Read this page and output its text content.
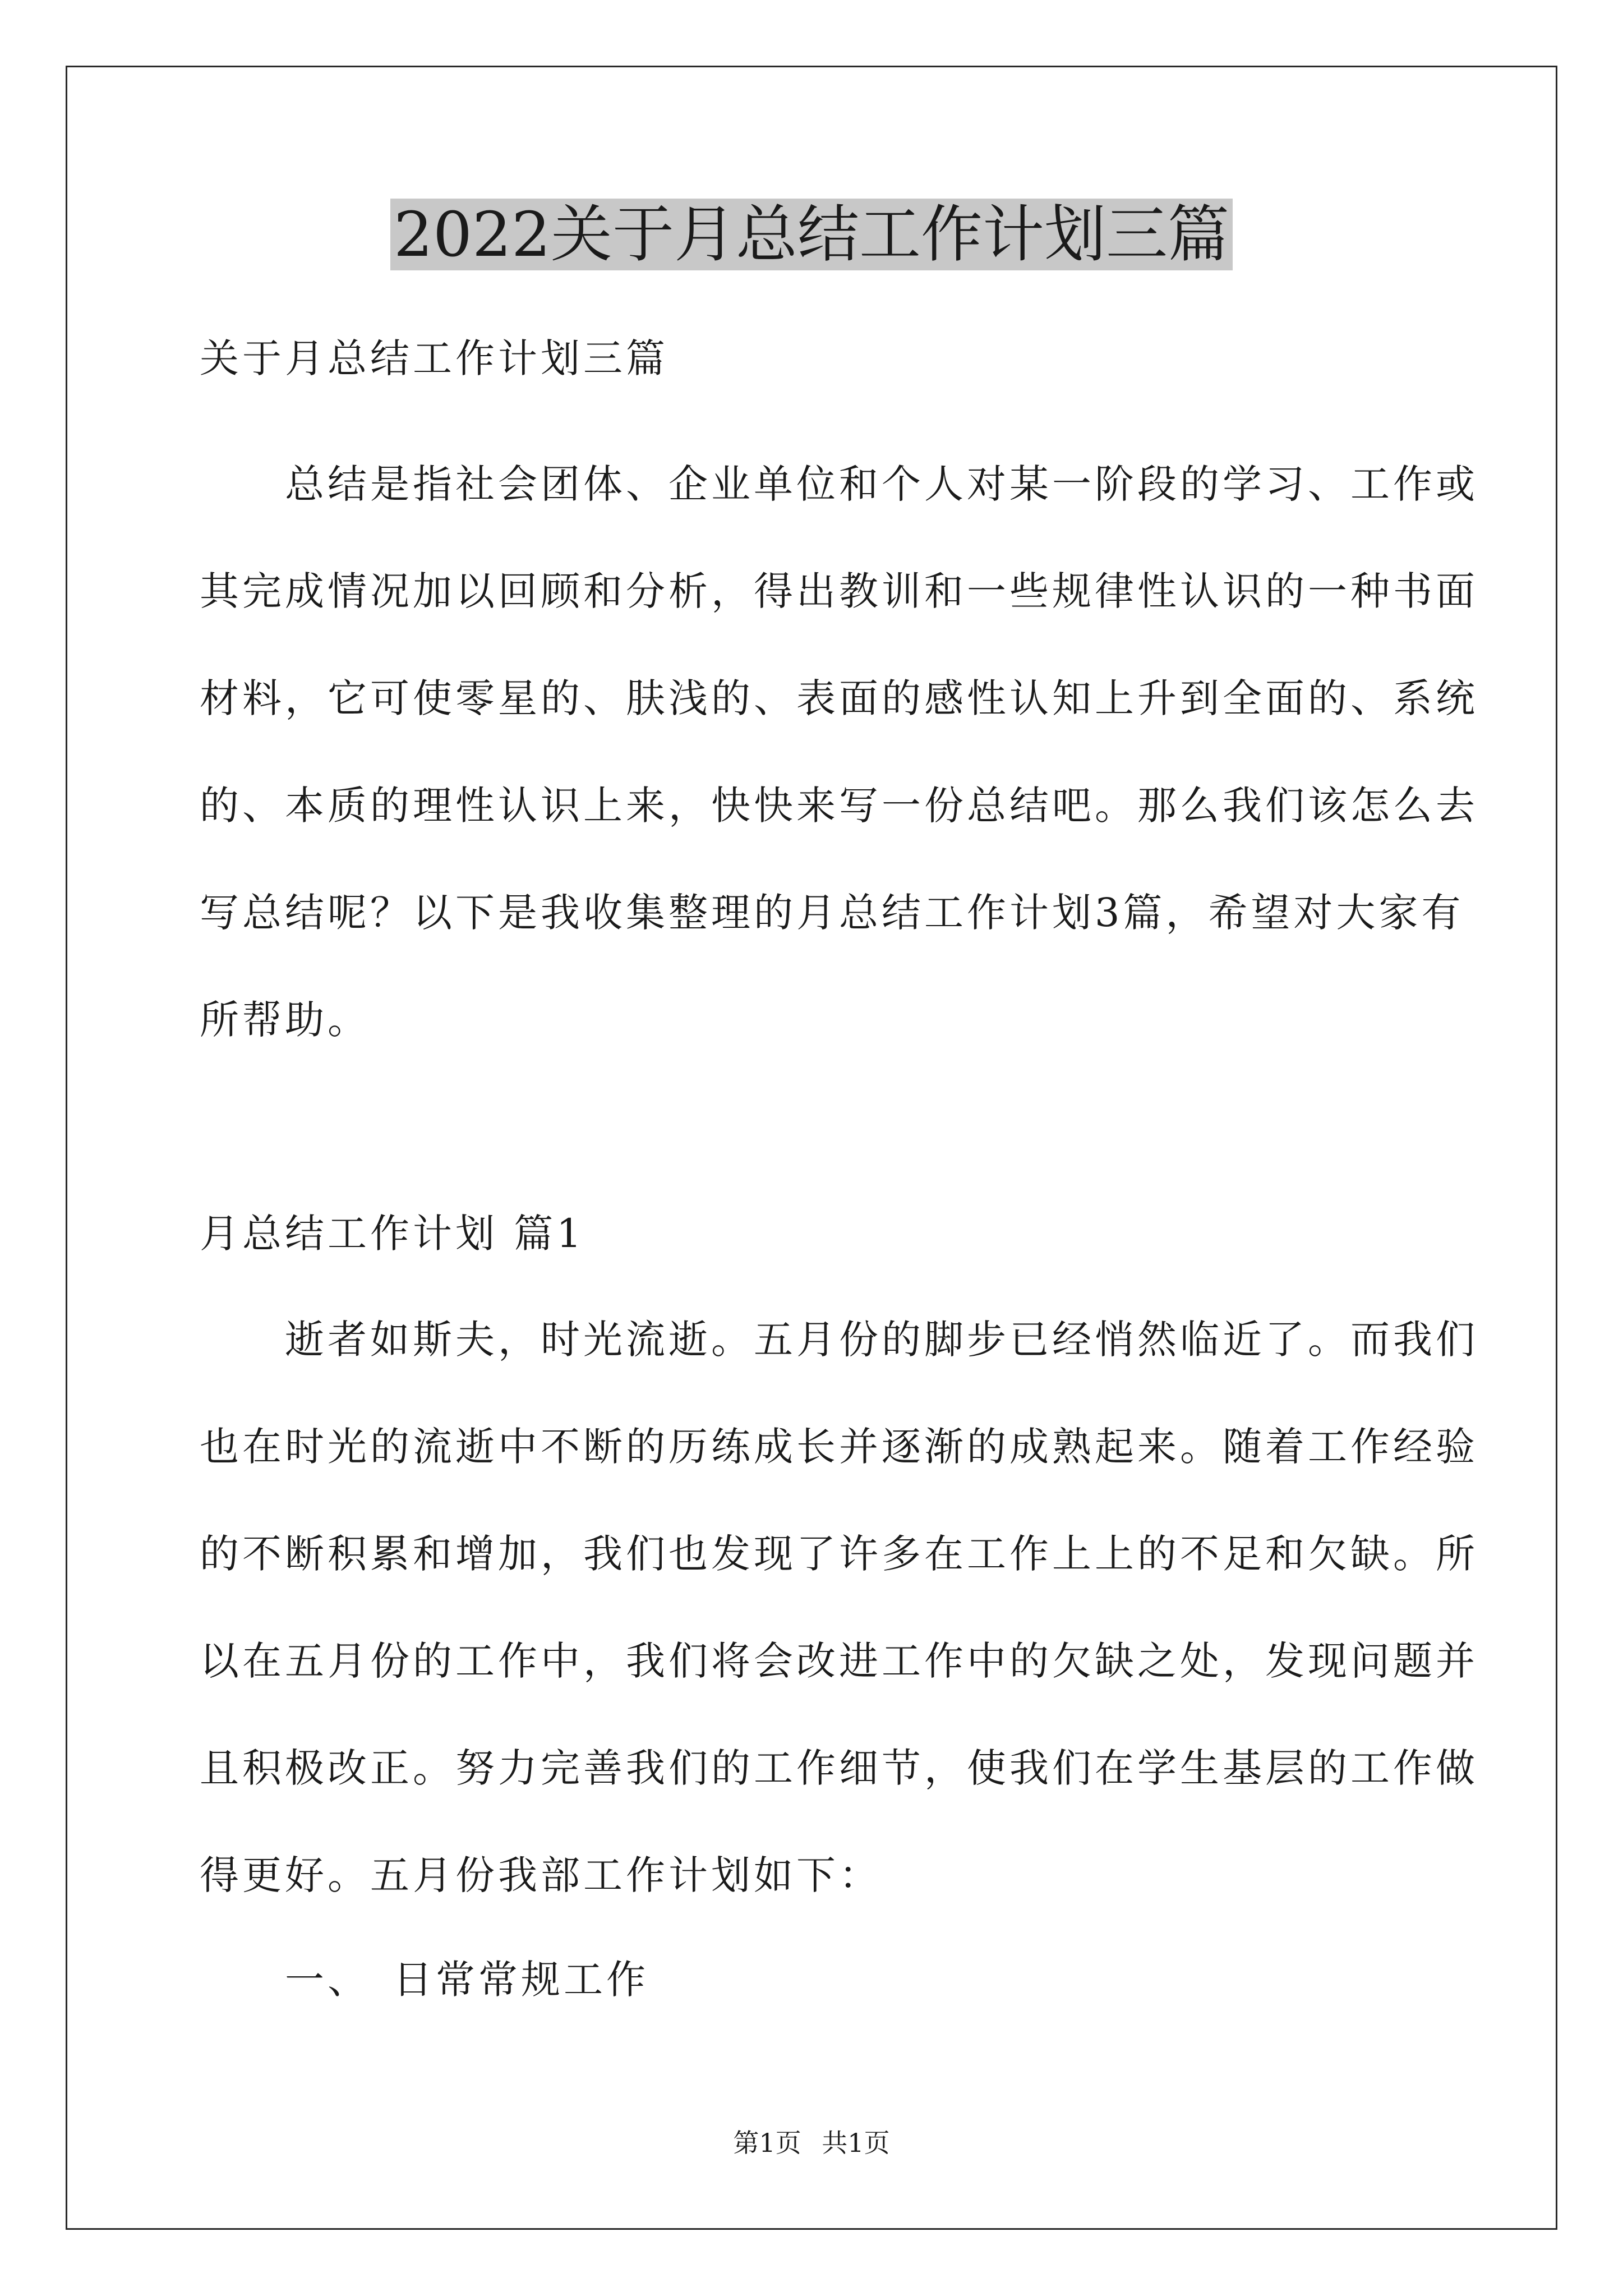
2022关于月总结工作计划三篇
关于月总结工作计划三篇
　　总结是指社会团体、企业单位和个人对某一阶段的学习、工作或
其完成情况加以回顾和分析，得出教训和一些规律性认识的一种书面
材料，它可使零星的、肤浅的、表面的感性认知上升到全面的、系统
的、本质的理性认识上来，快快来写一份总结吧。那么我们该怎么去
写总结呢？以下是我收集整理的月总结工作计划3篇，希望对大家有
所帮助。
月总结工作计划 篇1
　　逝者如斯夫，时光流逝。五月份的脚步已经悄然临近了。而我们
也在时光的流逝中不断的历练成长并逐渐的成熟起来。随着工作经验
的不断积累和增加，我们也发现了许多在工作上上的不足和欠缺。所
以在五月份的工作中，我们将会改进工作中的欠缺之处，发现问题并
且积极改正。努力完善我们的工作细节，使我们在学生基层的工作做
得更好。五月份我部工作计划如下：
　　一、　日常常规工作
第1页 共1页
